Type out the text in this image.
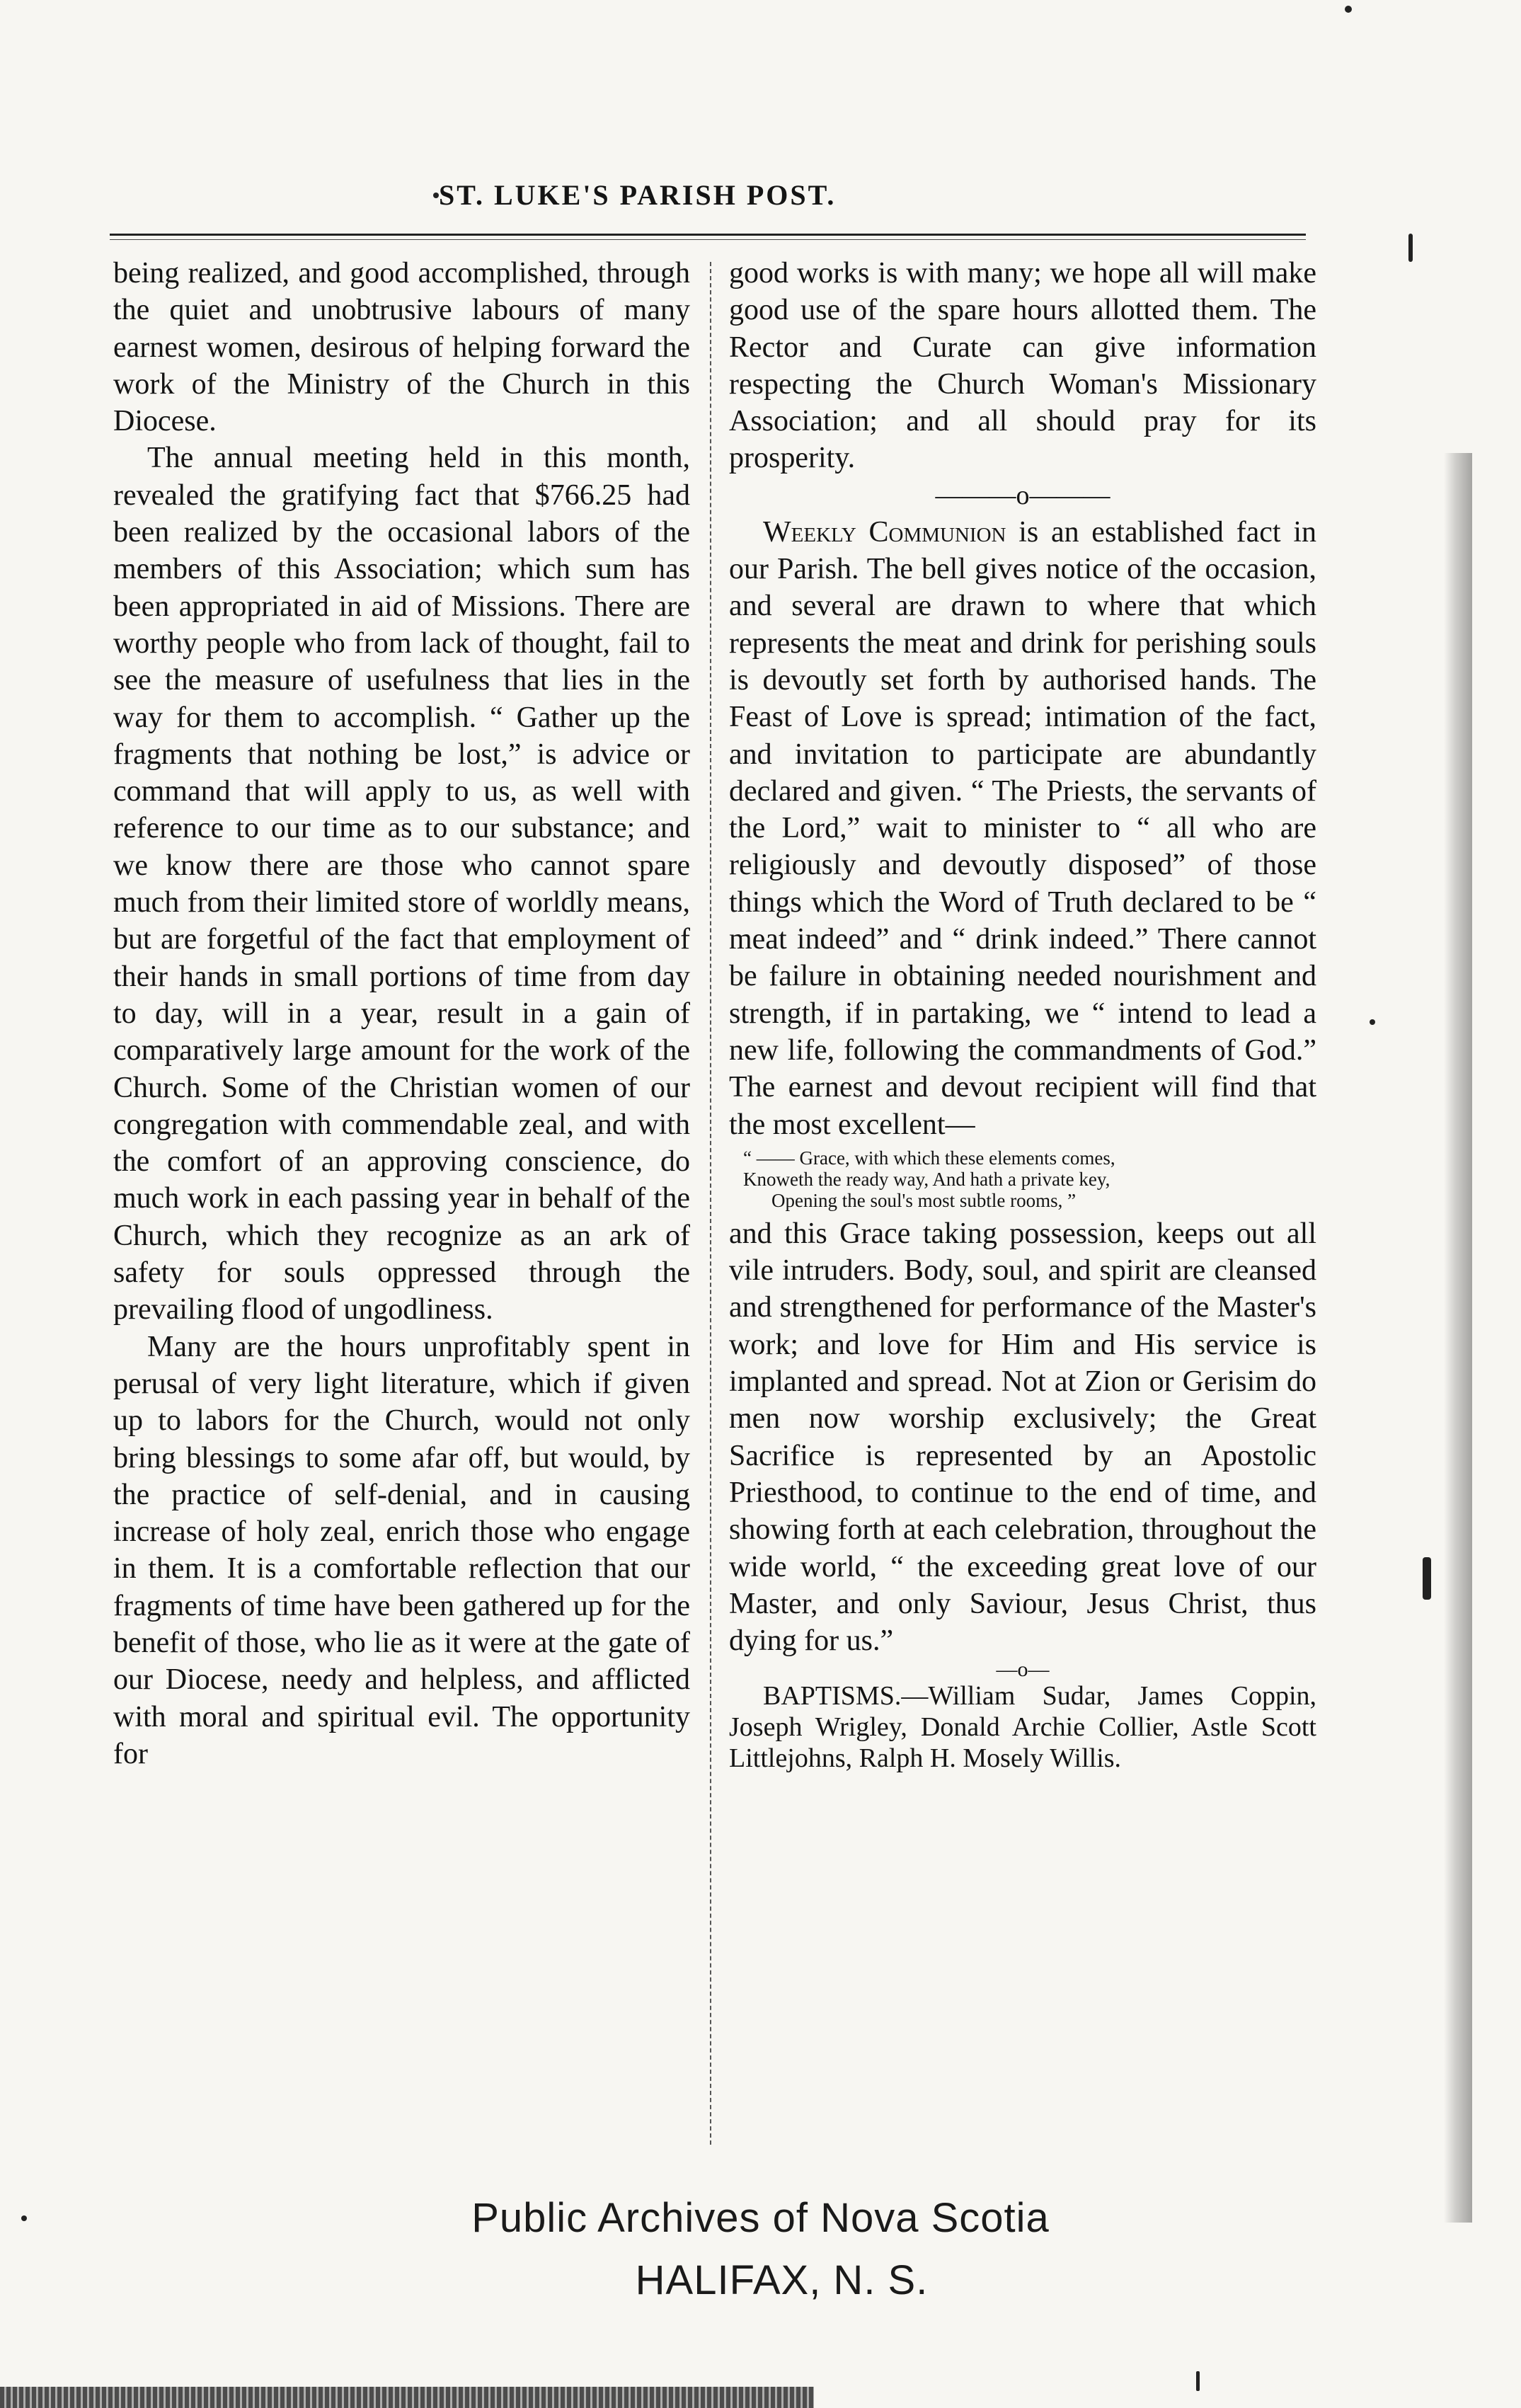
ST. LUKE'S PARISH POST.

being realized, and good accomplished, through the quiet and unobtrusive labours of many earnest women, desirous of helping forward the work of the Ministry of the Church in this Diocese.

The annual meeting held in this month, revealed the gratifying fact that $766.25 had been realized by the occasional labors of the members of this Association; which sum has been appropriated in aid of Missions. There are worthy people who from lack of thought, fail to see the measure of usefulness that lies in the way for them to accomplish. “ Gather up the fragments that nothing be lost,” is advice or command that will apply to us, as well with reference to our time as to our substance; and we know there are those who cannot spare much from their limited store of worldly means, but are forgetful of the fact that employment of their hands in small portions of time from day to day, will in a year, result in a gain of comparatively large amount for the work of the Church. Some of the Christian women of our congregation with commendable zeal, and with the comfort of an approving conscience, do much work in each passing year in behalf of the Church, which they recognize as an ark of safety for souls oppressed through the prevailing flood of ungodliness.

Many are the hours unprofitably spent in perusal of very light literature, which if given up to labors for the Church, would not only bring blessings to some afar off, but would, by the practice of self-denial, and in causing increase of holy zeal, enrich those who engage in them. It is a comfortable reflection that our fragments of time have been gathered up for the benefit of those, who lie as it were at the gate of our Diocese, needy and helpless, and afflicted with moral and spiritual evil. The opportunity for

good works is with many; we hope all will make good use of the spare hours allotted them. The Rector and Curate can give information respecting the Church Woman's Missionary Association; and all should pray for its prosperity.

———o———

Weekly Communion is an established fact in our Parish. The bell gives notice of the occasion, and several are drawn to where that which represents the meat and drink for perishing souls is devoutly set forth by authorised hands. The Feast of Love is spread; intimation of the fact, and invitation to participate are abundantly declared and given. “ The Priests, the servants of the Lord,” wait to minister to “ all who are religiously and devoutly disposed” of those things which the Word of Truth declared to be “ meat indeed” and “ drink indeed.” There cannot be failure in obtaining needed nourishment and strength, if in partaking, we “ intend to lead a new life, following the commandments of God.” The earnest and devout recipient will find that the most excellent—

“ —— Grace, with which these elements comes,
Knoweth the ready way, And hath a private key,
Opening the soul's most subtle rooms, ”

and this Grace taking possession, keeps out all vile intruders. Body, soul, and spirit are cleansed and strengthened for performance of the Master's work; and love for Him and His service is implanted and spread. Not at Zion or Gerisim do men now worship exclusively; the Great Sacrifice is represented by an Apostolic Priesthood, to continue to the end of time, and showing forth at each celebration, throughout the wide world, “ the exceeding great love of our Master, and only Saviour, Jesus Christ, thus dying for us.”

—o—

BAPTISMS.—William Sudar, James Coppin, Joseph Wrigley, Donald Archie Collier, Astle Scott Littlejohns, Ralph H. Mosely Willis.

Public Archives of Nova Scotia
HALIFAX, N. S.
